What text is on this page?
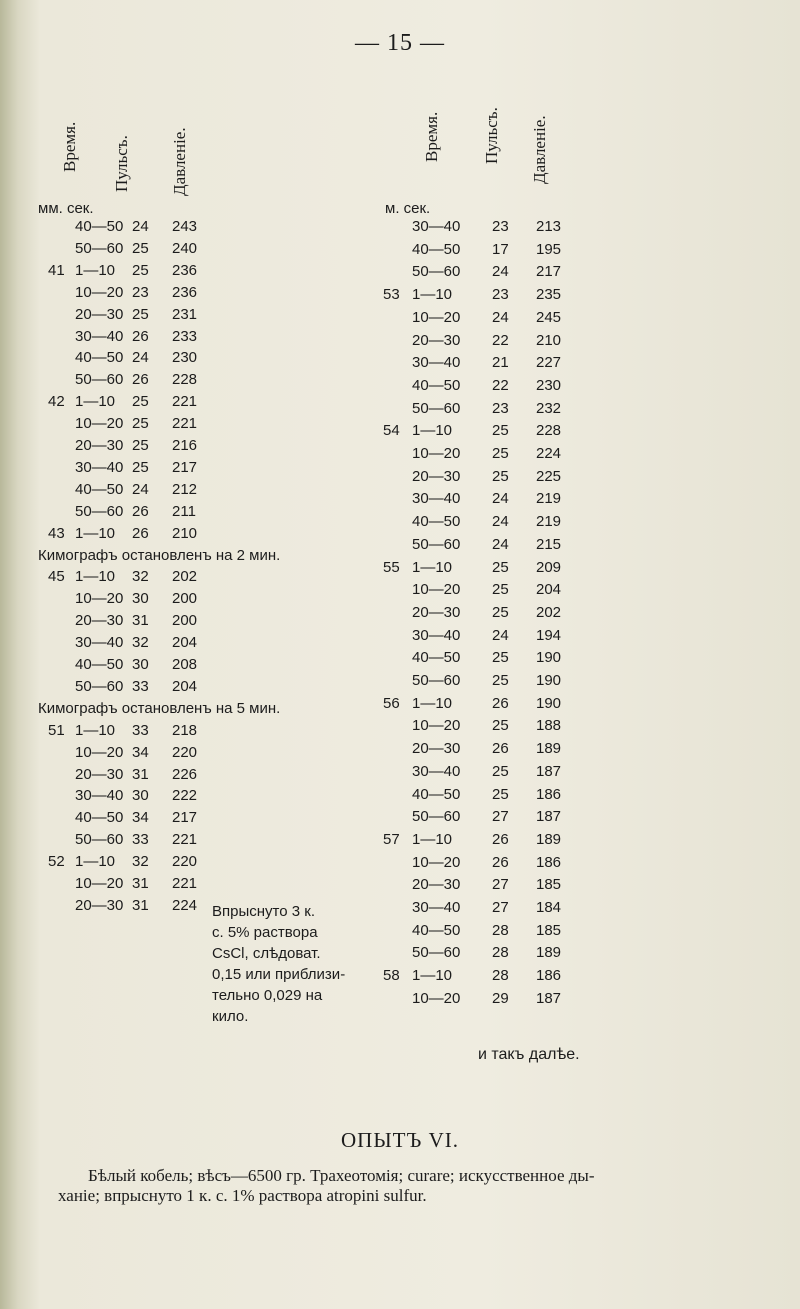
— 15 —
Время. Пульсъ. Давленіе.
мм. сек.
Время. Пульсъ. Давленіе.
м. сек.
40—50 24 243
50—60 25 240
41 1—10 25 236
10—20 23 236
20—30 25 231
30—40 26 233
40—50 24 230
50—60 26 228
42 1—10 25 221
10—20 25 221
20—30 25 216
30—40 25 217
40—50 24 212
50—60 26 211
43 1—10 26 210
Кимографъ остановленъ на 2 мин.
45 1—10 32 202
10—20 30 200
20—30 31 200
30—40 32 204
40—50 30 208
50—60 33 204
Кимографъ остановленъ на 5 мин.
51 1—10 33 218
10—20 34 220
20—30 31 226
30—40 30 222
40—50 34 217
50—60 33 221
52 1—10 32 220
10—20 31 221
20—30 31 224
30—40 23 213
40—50 17 195
50—60 24 217
53 1—10	23 235
10—20 24 245
20—30 22 210
30—40 21 227
40—50 22 230
50—60 23 232
54 1—10	25 228
10—20 25 224
20—30 25 225
30—40 24 219
40—50 24 219
50—60 24 215
55 1—10	25 209
10—20 25 204
20—30 25 202
30—40 24 194
40—50 25 190
50—60 25 190
56 1—10	26 190
10—20 25 188
20—30 26 189
30—40 25 187
40—50 25 186
50—60 27 187
57 1—10	26 189
10—20 26 186
20—30 27 185
30—40 27 184
40—50 28 185
50—60 28 189
58 1—10	28 186
10—20 29 187
Впрыснуто 3 к.
с. 5% раствора
CsCl, слѣдоват.
0,15 или приблизи-
тельно 0,029 на
кило.
и такъ далѣе.
ОПЫТЪ VI.
Бѣлый кобель; вѣсъ—6500 гр. Трахеотомія; curare; искусственное ды-
ханіе; впрыснуто 1 к. с. 1% раствора atropini sulfur.
